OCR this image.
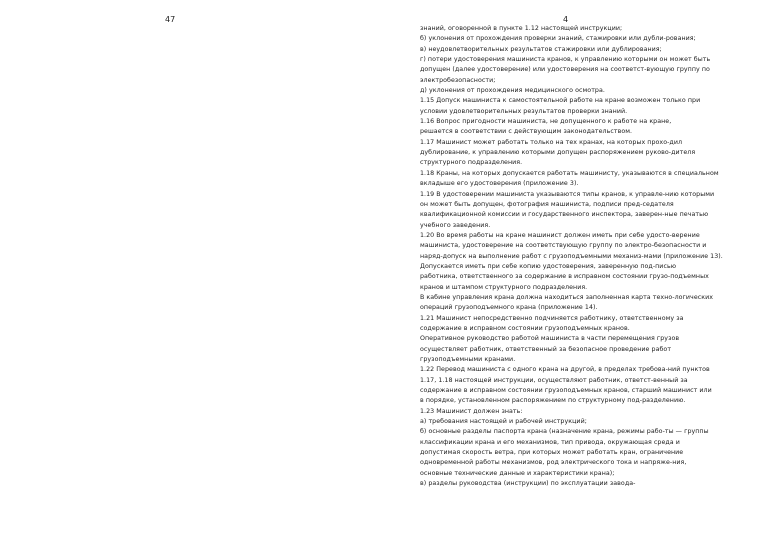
47	4
знаний, оговоренной в пункте 1.12 настоящей инструкции;
б) уклонения от прохождения проверки знаний, стажировки или дубли-рования;
в) неудовлетворительных результатов стажировки или дублирования;
г) потери удостоверения машиниста кранов, к управлению которыми он может быть
допущен (далее удостоверение) или удостоверения на соответст-вующую группу по
электробезопасности;
д) уклонения от прохождения медицинского осмотра.
1.15 Допуск машиниста к самостоятельной работе на кране возможен только при
условии удовлетворительных результатов проверки знаний.
1.16 Вопрос пригодности машиниста, не допущенного к работе на кране,
решается в соответствии с действующим законодательством.
1.17 Машинист может работать только на тех кранах, на которых прохо-дил
дублирование, к управлению которыми допущен распоряжением руково-дителя
структурного подразделения.
1.18 Краны, на которых допускается работать машинисту, указываются в специальном
вкладыше его удостоверения (приложение 3).
1.19 В удостоверении машиниста указываются типы кранов, к управле-нию которыми
он может быть допущен, фотография машиниста, подписи пред-седателя
квалификационной комиссии и государственного инспектора, заверен-ные печатью
учебного заведения.
1.20 Во время работы на кране машинист должен иметь при себе удосто-верение
машиниста, удостоверение на соответствующую группу по электро-безопасности и
наряд-допуск на выполнение работ с грузоподъемными механиз-мами (приложение 13).
Допускается иметь при себе копию удостоверения, заверенную под-писью
работника, ответственного за содержание в исправном состоянии грузо-подъемных
кранов и штампом структурного подразделения.
В кабине управления крана должна находиться заполненная карта техно-логических
операций грузоподъемного крана (приложение 14).
1.21 Машинист непосредственно подчиняется работнику, ответственному за
содержание в исправном состоянии грузоподъемных кранов.
Оперативное руководство работой машиниста в части перемещения грузов
осуществляет работник, ответственный за безопасное проведение работ
грузоподъемными кранами.
1.22 Перевод машиниста с одного крана на другой, в пределах требова-ний пунктов
1.17, 1.18 настоящей инструкции, осуществляют работник, ответст-венный за
содержание в исправном состоянии грузоподъемных кранов, старший машинист или
в порядке, установленном распоряжением по структурному под-разделению.
1.23 Машинист должен знать:
а) требования настоящей и рабочей инструкций;
б) основные разделы паспорта крана (назначение крана, режимы рабо-ты — группы
классификации крана и его механизмов, тип привода, окружающая среда и
допустимая скорость ветра, при которых может работать кран, ограничение
одновременной работы механизмов, род электрического тока и напряже-ния,
основные технические данные и характеристики крана);
в) разделы руководства (инструкции) по эксплуатации завода-
